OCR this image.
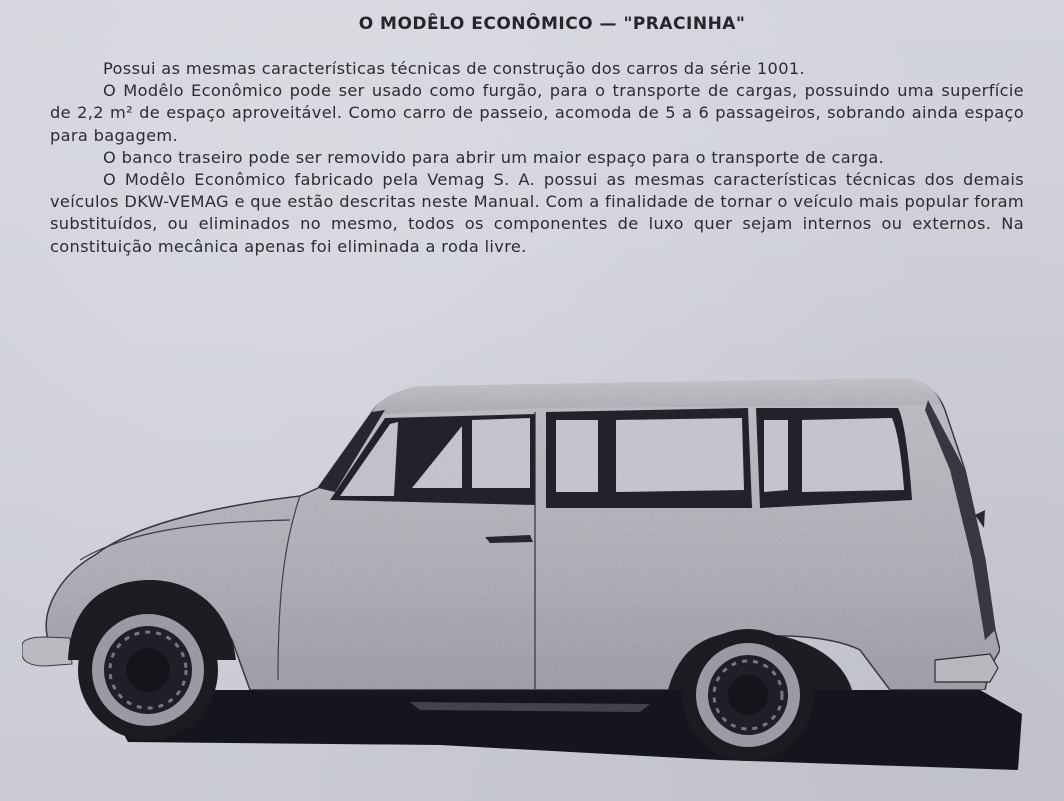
O MODÊLO ECONÔMICO — "PRACINHA"

Possui as mesmas características técnicas de construção dos carros da série 1001.

O Modêlo Econômico pode ser usado como furgão, para o transporte de cargas, possuindo uma superfície de 2,2 m² de espaço aproveitável. Como carro de passeio, acomoda de 5 a 6 passageiros, sobrando ainda espaço para bagagem.

O banco traseiro pode ser removido para abrir um maior espaço para o transporte de carga.

O Modêlo Econômico fabricado pela Vemag S. A. possui as mesmas características técnicas dos demais veículos DKW-VEMAG e que estão descritas neste Manual. Com a finalidade de tornar o veículo mais popular foram substituídos, ou eliminados no mesmo, todos os componentes de luxo quer sejam internos ou externos. Na constituição mecânica apenas foi eliminada a roda livre.
